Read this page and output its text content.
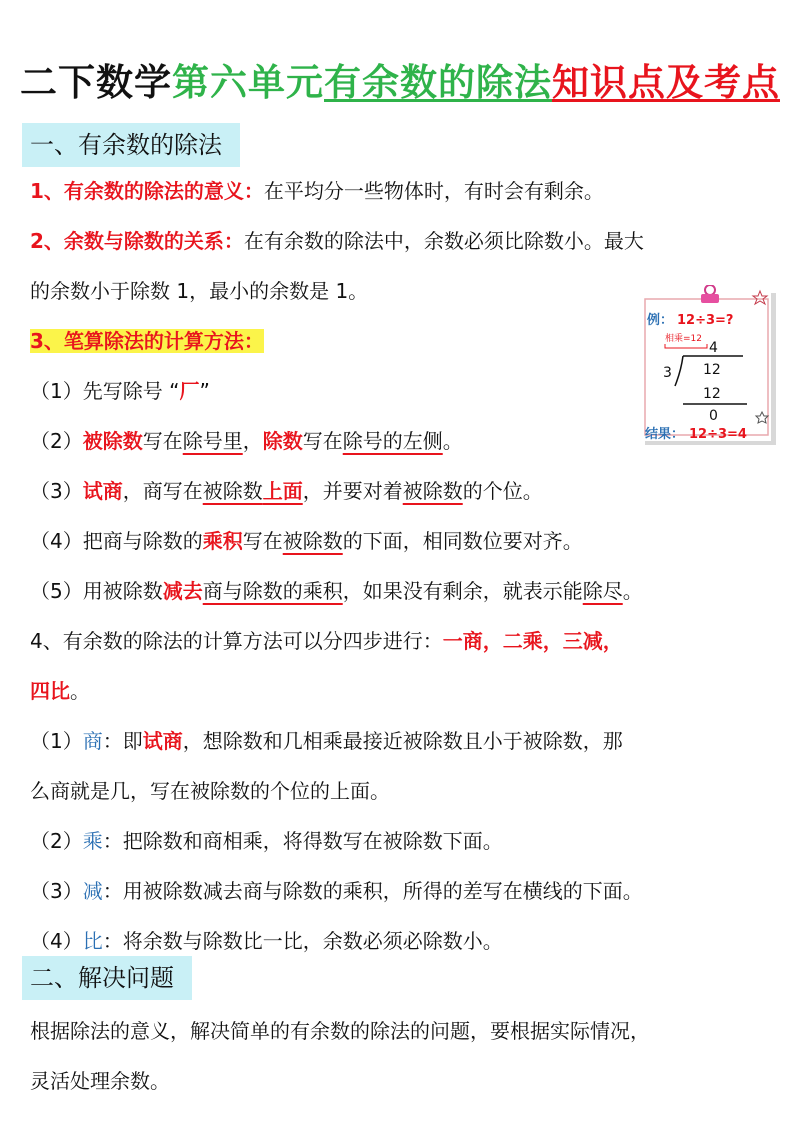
二下数学第六单元有余数的除法知识点及考点
一、有余数的除法
1、有余数的除法的意义：在平均分一些物体时，有时会有剩余。
2、余数与除数的关系：在有余数的除法中，余数必须比除数小。最大
的余数小于除数 1，最小的余数是 1。
3、笔算除法的计算方法：
（1）先写除号 “厂”
（2）被除数写在除号里，除数写在除号的左侧。
（3）试商，商写在被除数上面，并要对着被除数的个位。
（4）把商与除数的乘积写在被除数的下面，相同数位要对齐。
（5）用被除数减去商与除数的乘积，如果没有剩余，就表示能除尽。
4、有余数的除法的计算方法可以分四步进行：一商，二乘，三减，
四比。
（1）商：即试商，想除数和几相乘最接近被除数且小于被除数，那
么商就是几，写在被除数的个位的上面。
（2）乘：把除数和商相乘，将得数写在被除数下面。
（3）减：用被除数减去商与除数的乘积，所得的差写在横线的下面。
（4）比：将余数与除数比一比，余数必须必除数小。
二、解决问题
根据除法的意义，解决简单的有余数的除法的问题，要根据实际情况，
灵活处理余数。
例： 12÷3=?
相乘=12
4
3 12
12
0
结果： 12÷3=4
